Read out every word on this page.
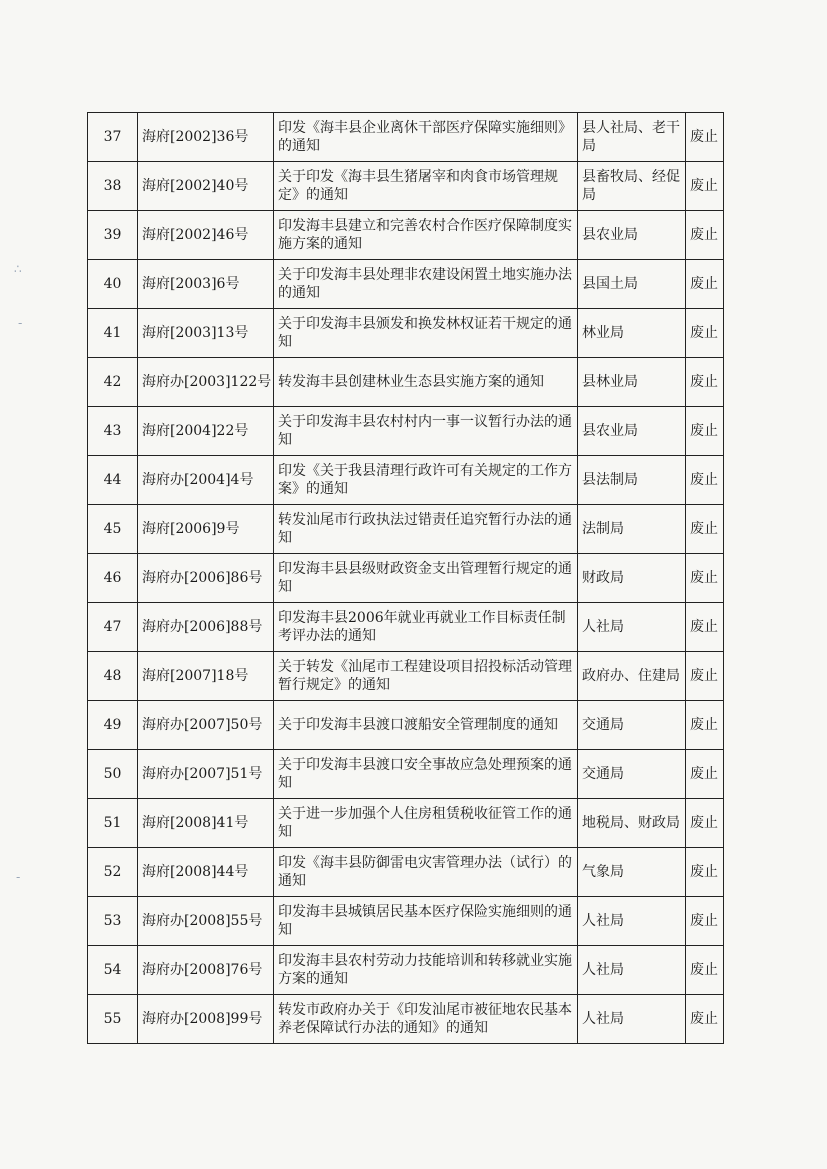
∴
-
-
37	海府[2002]36号	印发《海丰县企业离休干部医疗保障实施细则》的通知	县人社局、老干局	废止
38	海府[2002]40号	关于印发《海丰县生猪屠宰和肉食市场管理规定》的通知	县畜牧局、经促局	废止
39	海府[2002]46号	印发海丰县建立和完善农村合作医疗保障制度实施方案的通知	县农业局	废止
40	海府[2003]6号	关于印发海丰县处理非农建设闲置土地实施办法的通知	县国土局	废止
41	海府[2003]13号	关于印发海丰县颁发和换发林权证若干规定的通知	林业局	废止
42	海府办[2003]122号	转发海丰县创建林业生态县实施方案的通知	县林业局	废止
43	海府[2004]22号	关于印发海丰县农村村内一事一议暂行办法的通知	县农业局	废止
44	海府办[2004]4号	印发《关于我县清理行政许可有关规定的工作方案》的通知	县法制局	废止
45	海府[2006]9号	转发汕尾市行政执法过错责任追究暂行办法的通知	法制局	废止
46	海府办[2006]86号	印发海丰县县级财政资金支出管理暂行规定的通知	财政局	废止
47	海府办[2006]88号	印发海丰县2006年就业再就业工作目标责任制考评办法的通知	人社局	废止
48	海府[2007]18号	关于转发《汕尾市工程建设项目招投标活动管理暂行规定》的通知	政府办、住建局	废止
49	海府办[2007]50号	关于印发海丰县渡口渡船安全管理制度的通知	交通局	废止
50	海府办[2007]51号	关于印发海丰县渡口安全事故应急处理预案的通知	交通局	废止
51	海府[2008]41号	关于进一步加强个人住房租赁税收征管工作的通知	地税局、财政局	废止
52	海府[2008]44号	印发《海丰县防御雷电灾害管理办法（试行）的通知	气象局	废止
53	海府办[2008]55号	印发海丰县城镇居民基本医疗保险实施细则的通知	人社局	废止
54	海府办[2008]76号	印发海丰县农村劳动力技能培训和转移就业实施方案的通知	人社局	废止
55	海府办[2008]99号	转发市政府办关于《印发汕尾市被征地农民基本养老保障试行办法的通知》的通知	人社局	废止
